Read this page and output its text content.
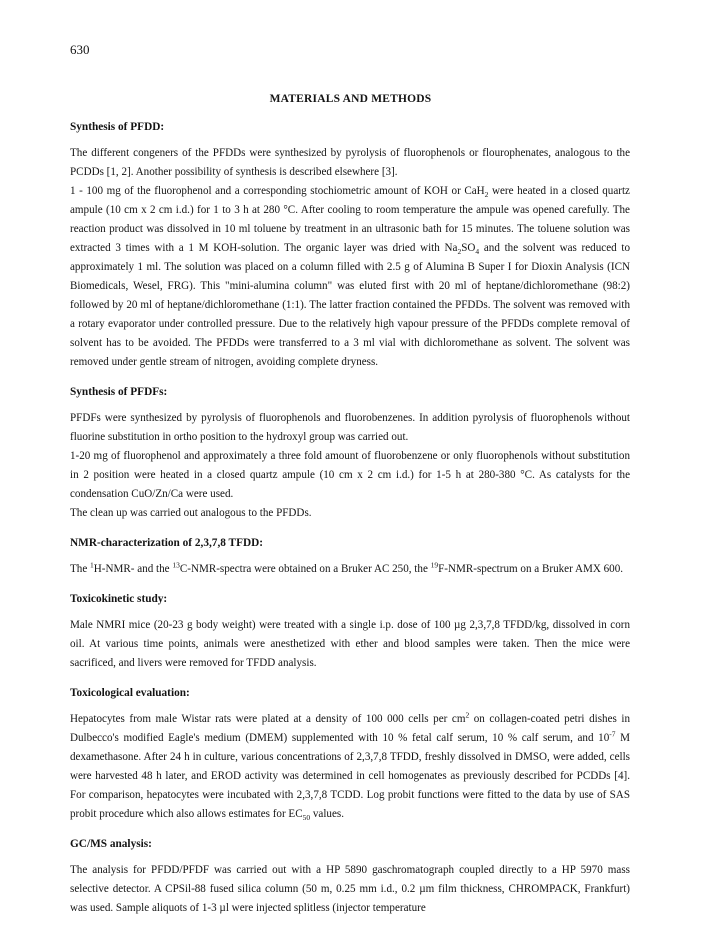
630
MATERIALS AND METHODS
Synthesis of PFDD:

The different congeners of the PFDDs were synthesized by pyrolysis of fluorophenols or flourophenates, analogous to the PCDDs [1, 2]. Another possibility of synthesis is described elsewhere [3].

1 - 100 mg of the fluorophenol and a corresponding stochiometric amount of KOH or CaH$_2$ were heated in a closed quartz ampule (10 cm x 2 cm i.d.) for 1 to 3 h at 280 °C. After cooling to room temperature the ampule was opened carefully. The reaction product was dissolved in 10 ml toluene by treatment in an ultrasonic bath for 15 minutes. The toluene solution was extracted 3 times with a 1 M KOH-solution. The organic layer was dried with $Na_2SO_4$ and the solvent was reduced to approximately 1 ml. The solution was placed on a column filled with 2.5 g of Alumina B Super I for Dioxin Analysis (ICN Biomedicals, Wesel, FRG). This "mini-alumina column" was eluted first with 20 ml of heptane/dichloromethane (98:2) followed by 20 ml of heptane/dichloromethane (1:1). The latter fraction contained the PFDDs. The solvent was removed with a rotary evaporator under controlled pressure. Due to the relatively high vapour pressure of the PFDDs complete removal of solvent has to be avoided. The PFDDs were transferred to a 3 ml vial with dichloromethane as solvent. The solvent was removed under gentle stream of nitrogen, avoiding complete dryness.

Synthesis of PFDFs:

PFDFs were synthesized by pyrolysis of fluorophenols and fluorobenzenes. In addition pyrolysis of fluorophenols without fluorine substitution in ortho position to the hydroxyl group was carried out.

1-20 mg of fluorophenol and approximately a three fold amount of fluorobenzene or only fluorophenols without substitution in 2 position were heated in a closed quartz ampule (10 cm x 2 cm i.d.) for 1-5 h at 280-380 °C. As catalysts for the condensation CuO/Zn/Ca were used.

The clean up was carried out analogous to the PFDDs.

NMR-characterization of 2,3,7,8 TFDD:

The $^1$H-NMR- and the $^{13}$C-NMR-spectra were obtained on a Bruker AC 250, the $^{19}$F-NMR-spectrum on a Bruker AMX 600.

Toxicokinetic study:

Male NMRI mice (20-23 g body weight) were treated with a single i.p. dose of 100 µg 2,3,7,8 TFDD/kg, dissolved in corn oil. At various time points, animals were anesthetized with ether and blood samples were taken. Then the mice were sacrificed, and livers were removed for TFDD analysis.

Toxicological evaluation:

Hepatocytes from male Wistar rats were plated at a density of 100 000 cells per $cm^2$ on collagen-coated petri dishes in Dulbecco's modified Eagle's medium (DMEM) supplemented with 10 % fetal calf serum, 10 % calf serum, and $10^{-7}$ M dexamethasone. After 24 h in culture, various concentrations of 2,3,7,8 TFDD, freshly dissolved in DMSO, were added, cells were harvested 48 h later, and EROD activity was determined in cell homogenates as previously described for PCDDs [4]. For comparison, hepatocytes were incubated with 2,3,7,8 TCDD. Log probit functions were fitted to the data by use of SAS probit procedure which also allows estimates for $EC_{50}$ values.

GC/MS analysis:

The analysis for PFDD/PFDF was carried out with a HP 5890 gaschromatograph coupled directly to a HP 5970 mass selective detector. A CPSil-88 fused silica column (50 m, 0.25 mm i.d., 0.2 µm film thickness, CHROMPACK, Frankfurt) was used. Sample aliquots of 1-3 µl were injected splitless (injector temperature
